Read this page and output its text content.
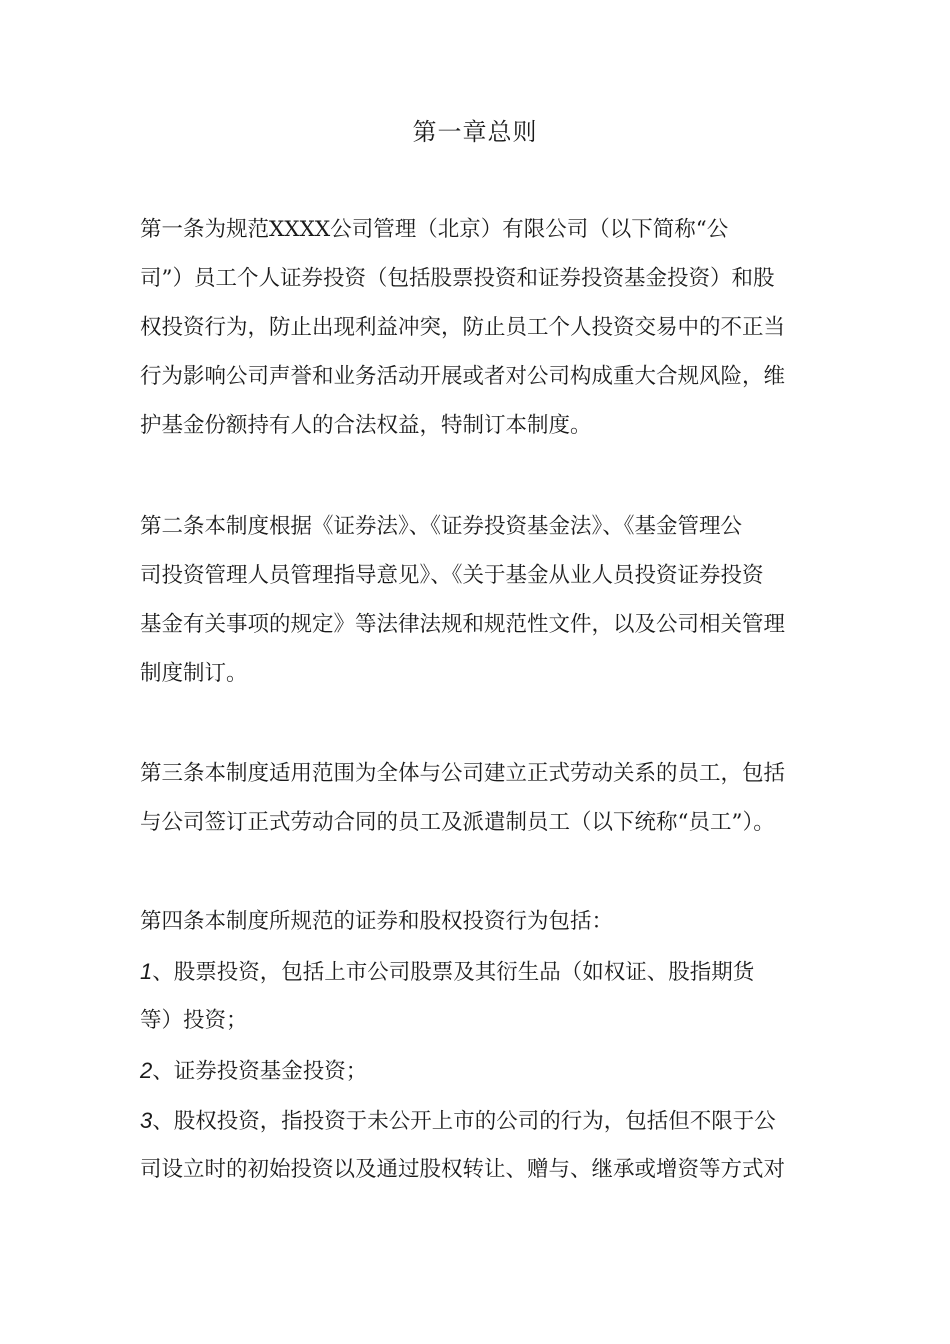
第一章总则
第一条为规范XXXX公司管理（北京）有限公司（以下简称“公
司”）员工个人证券投资（包括股票投资和证券投资基金投资）和股
权投资行为，防止出现利益冲突，防止员工个人投资交易中的不正当
行为影响公司声誉和业务活动开展或者对公司构成重大合规风险，维
护基金份额持有人的合法权益，特制订本制度。
第二条本制度根据《证券法》、《证券投资基金法》、《基金管理公
司投资管理人员管理指导意见》、《关于基金从业人员投资证券投资
基金有关事项的规定》等法律法规和规范性文件，以及公司相关管理
制度制订。
第三条本制度适用范围为全体与公司建立正式劳动关系的员工，包括
与公司签订正式劳动合同的员工及派遣制员工（以下统称“员工”）。
第四条本制度所规范的证券和股权投资行为包括：
1、股票投资，包括上市公司股票及其衍生品（如权证、股指期货
等）投资；
2、证券投资基金投资；
3、股权投资，指投资于未公开上市的公司的行为，包括但不限于公
司设立时的初始投资以及通过股权转让、赠与、继承或增资等方式对
